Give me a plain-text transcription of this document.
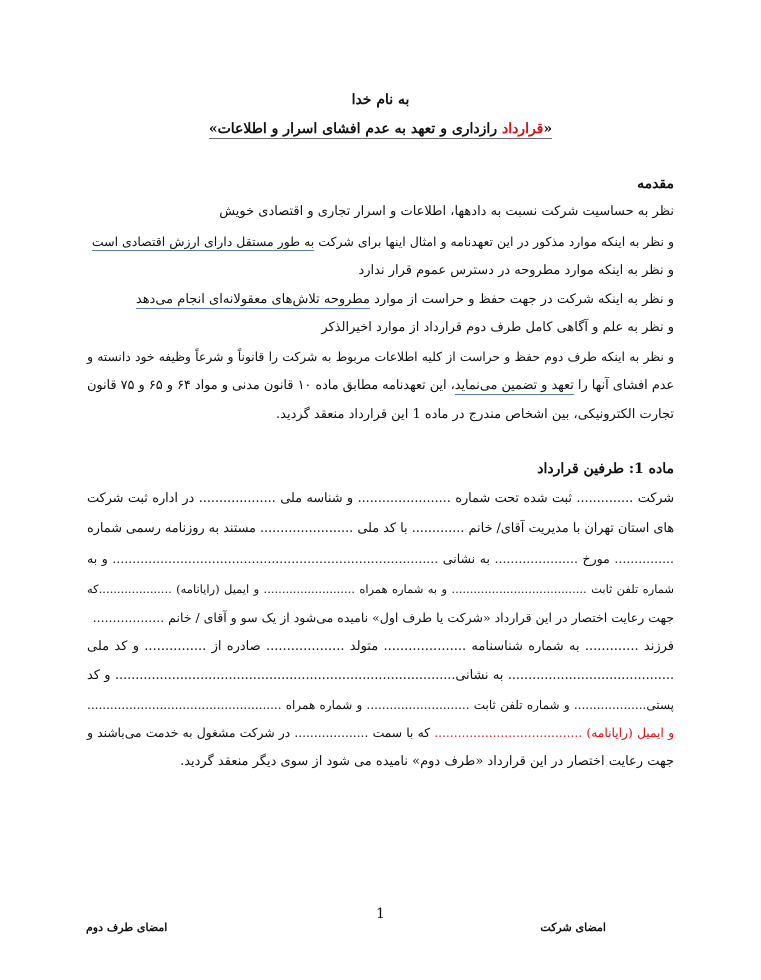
به نام خدا
«قرارداد رازداری و تعهد به عدم افشای اسرار و اطلاعات»
مقدمه
نظر به حساسیت شرکت نسبت به دادهها، اطلاعات و اسرار تجاری و اقتصادی خویش
و نظر به اینکه موارد مذکور در این تعهدنامه و امثال اینها برای شرکت به طور مستقل دارای ارزش اقتصادی است
و نظر به اینکه موارد مطروحه در دسترس عموم قرار ندارد
و نظر به اینکه شرکت در جهت حفظ و حراست از موارد مطروحه تلاش‌های معقولانه‌ای انجام می‌دهد
و نظر به علم و آگاهی کامل طرف دوم قرارداد از موارد اخیرالذکر
و نظر به اینکه طرف دوم حفظ و حراست از کلیه اطلاعات مربوط به شرکت را قانوناً و شرعاً وظیفه خود دانسته و
عدم افشای آنها را تعهد و تضمین می‌نماید، این تعهدنامه مطابق ماده ۱۰ قانون مدنی و مواد ۶۴ و ۶۵ و ۷۵ قانون
تجارت الکترونیکی، بین اشخاص مندرج در ماده 1 این قرارداد منعقد گردید.
ماده 1: طرفین قرارداد
شرکت .............. ثبت شده تحت شماره ....................... و شناسه ملی ................... در اداره ثبت شرکت
های استان تهران با مدیریت آقای/ خانم ............. با کد ملی ....................... مستند به روزنامه رسمی شماره
............... مورخ ..................... به نشانی .................................................................................. و به
شماره تلفن ثابت ..................................... و به شماره همراه ......................... و ایمیل (رایانامه) ....................که
جهت رعایت اختصار در این قرارداد «شرکت یا طرف اول» نامیده می‌شود از یک سو و آقای / خانم ..................
فرزند ............. به شماره شناسنامه .................... متولد ................... صادره از ............... و کد ملی
......................................... به نشانی.................................................................................... و کد
پستی................... و شماره تلفن ثابت ........................... و شماره همراه ...................................................
و ایمیل (رایانامه) ...................................... که با سمت ................... در شرکت مشغول به خدمت می‌باشند و
جهت رعایت اختصار در این قرارداد «طرف دوم» نامیده می شود از سوی دیگر منعقد گردید.
1
امضای شرکت
امضای طرف دوم
